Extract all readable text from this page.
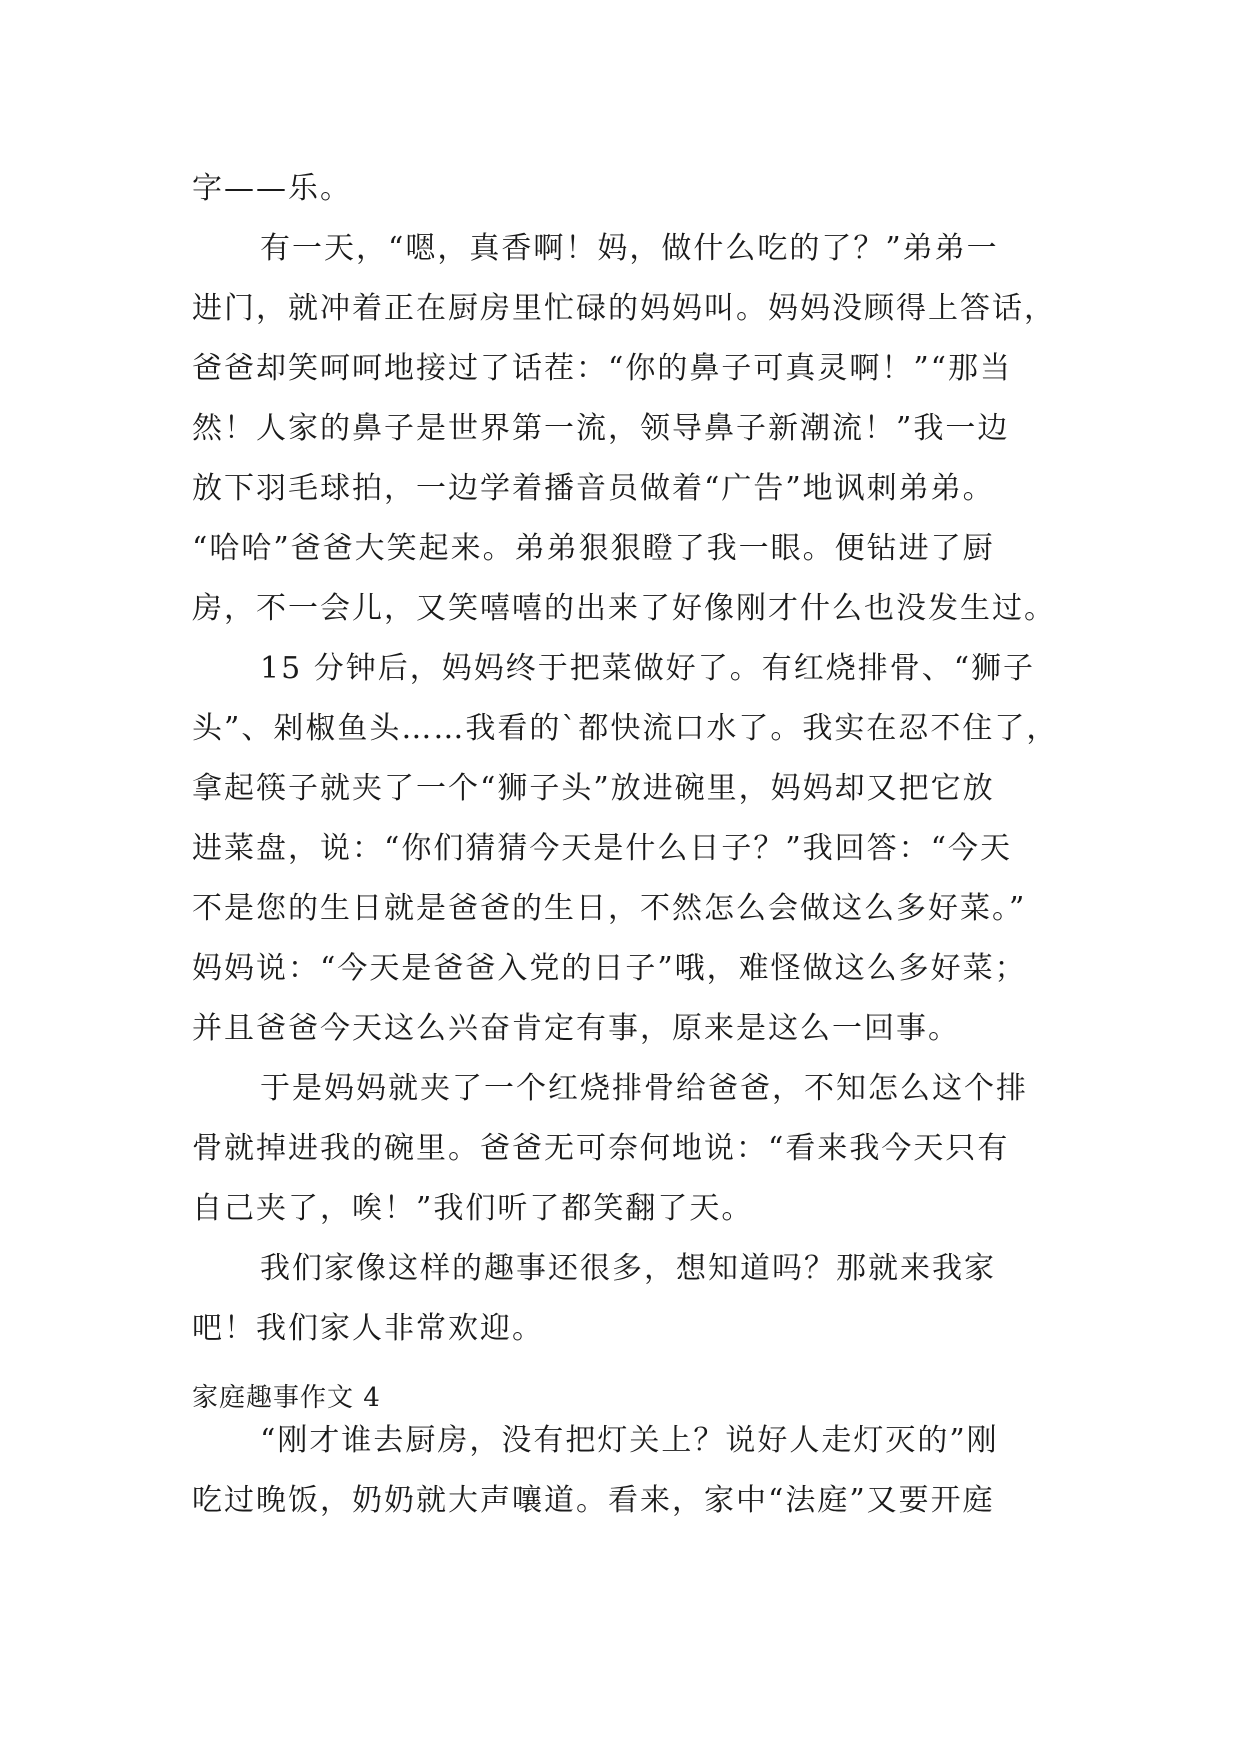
字——乐。
有一天，“嗯，真香啊！妈，做什么吃的了？”弟弟一
进门，就冲着正在厨房里忙碌的妈妈叫。妈妈没顾得上答话，
爸爸却笑呵呵地接过了话茬：“你的鼻子可真灵啊！”“那当
然！人家的鼻子是世界第一流，领导鼻子新潮流！”我一边
放下羽毛球拍，一边学着播音员做着“广告”地讽刺弟弟。
“哈哈”爸爸大笑起来。弟弟狠狠瞪了我一眼。便钻进了厨
房，不一会儿，又笑嘻嘻的出来了好像刚才什么也没发生过。
15 分钟后，妈妈终于把菜做好了。有红烧排骨、“狮子
头”、剁椒鱼头……我看的`都快流口水了。我实在忍不住了，
拿起筷子就夹了一个“狮子头”放进碗里，妈妈却又把它放
进菜盘，说：“你们猜猜今天是什么日子？”我回答：“今天
不是您的生日就是爸爸的生日，不然怎么会做这么多好菜。”
妈妈说：“今天是爸爸入党的日子”哦，难怪做这么多好菜；
并且爸爸今天这么兴奋肯定有事，原来是这么一回事。
于是妈妈就夹了一个红烧排骨给爸爸，不知怎么这个排
骨就掉进我的碗里。爸爸无可奈何地说：“看来我今天只有
自己夹了，唉！”我们听了都笑翻了天。
我们家像这样的趣事还很多，想知道吗？那就来我家
吧！我们家人非常欢迎。
家庭趣事作文 4
“刚才谁去厨房，没有把灯关上？说好人走灯灭的”刚
吃过晚饭，奶奶就大声嚷道。看来，家中“法庭”又要开庭
